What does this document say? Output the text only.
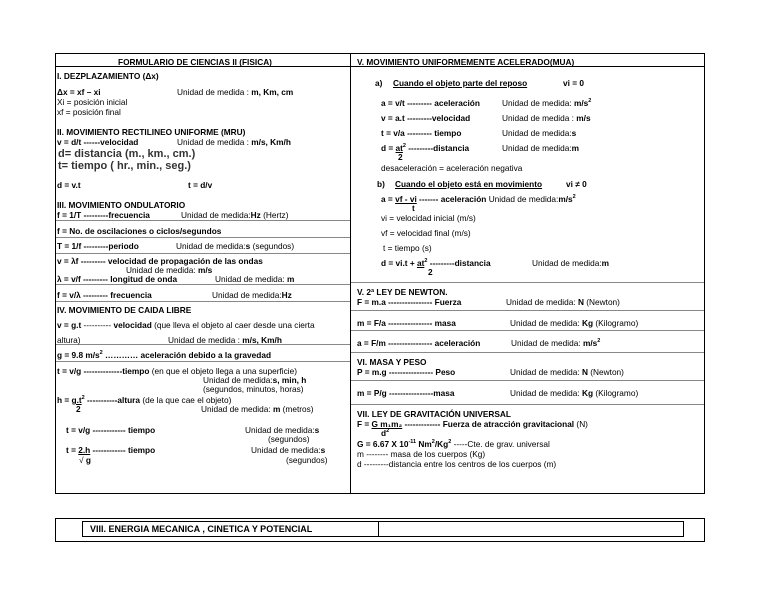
FORMULARIO DE CIENCIAS II (FISICA)
I. DEZPLAZAMIENTO (Δx)
Δx = xf – xi	Unidad de medida : m, Km, cm
Xi = posición inicial
xf = posición final
II. MOVIMIENTO RECTILINEO UNIFORME (MRU)
v = d/t ------velocidad	Unidad de medida : m/s, Km/h
d= distancia (m., km., cm.)
t= tiempo ( hr., min., seg.)
d = v.t	t = d/v
III. MOVIMIENTO ONDULATORIO
f = 1/T ---------frecuencia	Unidad de medida:Hz (Hertz)
f = No. de oscilaciones o ciclos/segundos
T = 1/f ---------periodo	Unidad de medida:s (segundos)
v = λf --------- velocidad de propagación de las ondas
Unidad de medida: m/s
λ = v/f --------- longitud de onda	Unidad de medida: m
f = v/λ --------- frecuencia	Unidad de medida:Hz
IV. MOVIMIENTO DE CAIDA LIBRE
v = g.t ---------- velocidad (que lleva el objeto al caer desde una cierta
altura)	Unidad de medida : m/s, Km/h
g = 9.8 $m/s^2$ ………… aceleración debido a la gravedad
t = v/g --------------tiempo (en que el objeto llega a una superficie)
Unidad de medida:s, min, h
(segundos, minutos, horas)
$h = g.t^2$ -----------altura (de la que cae el objeto)
2	Unidad de medida: m (metros)
t = v/g ------------ tiempo	Unidad de medida:s
(segundos)
t = 2.h ------------ tiempo
√ g
Unidad de medida:s
(segundos)
V. MOVIMIENTO UNIFORMEMENTE ACELERADO(MUA)
a) Cuando el objeto parte del reposo	vi = 0
a = v/t --------- aceleración	Unidad de medida: $m/s^2$
v = a.t ---------velocidad	Unidad de medida : m/s
t = v/a --------- tiempo	Unidad de medida:s
$d = at^2$ ---------distancia
2
Unidad de medida:m
desaceleración = aceleración negativa
b) Cuando el objeto está en movimiento	vi ≠ 0
a = vf - vi ------- aceleración Unidad de $medida:m/s^2$
t
vi = velocidad inicial (m/s)
vf = velocidad final (m/s)
t = tiempo (s)
$d = vi.t + at^2$ ---------distancia
2
Unidad de medida:m
V. 2ª LEY DE NEWTON.
F = m.a ---------------- Fuerza	Unidad de medida: N (Newton)
m = F/a ---------------- masa	Unidad de medida: Kg (Kilogramo)
a = F/m ---------------- aceleración	Unidad de medida: $m/s^2$
VI. MASA Y PESO
P = m.g ---------------- Peso	Unidad de medida: N (Newton)
m = P/g ----------------masa	Unidad de medida: Kg (Kilogramo)
VII. LEY DE GRAVITACIÓN UNIVERSAL
F = G m₁m₂ ------------- Fuerza de atracción gravitacional (N)
$d^2$
G = 6.67 X $10^{-11}$ Nm$^2$/Kg$^2$ -----Cte. de grav. universal
m -------- masa de los cuerpos (Kg)
d ---------distancia entre los centros de los cuerpos (m)
VIII. ENERGIA MECANICA , CINETICA Y POTENCIAL
